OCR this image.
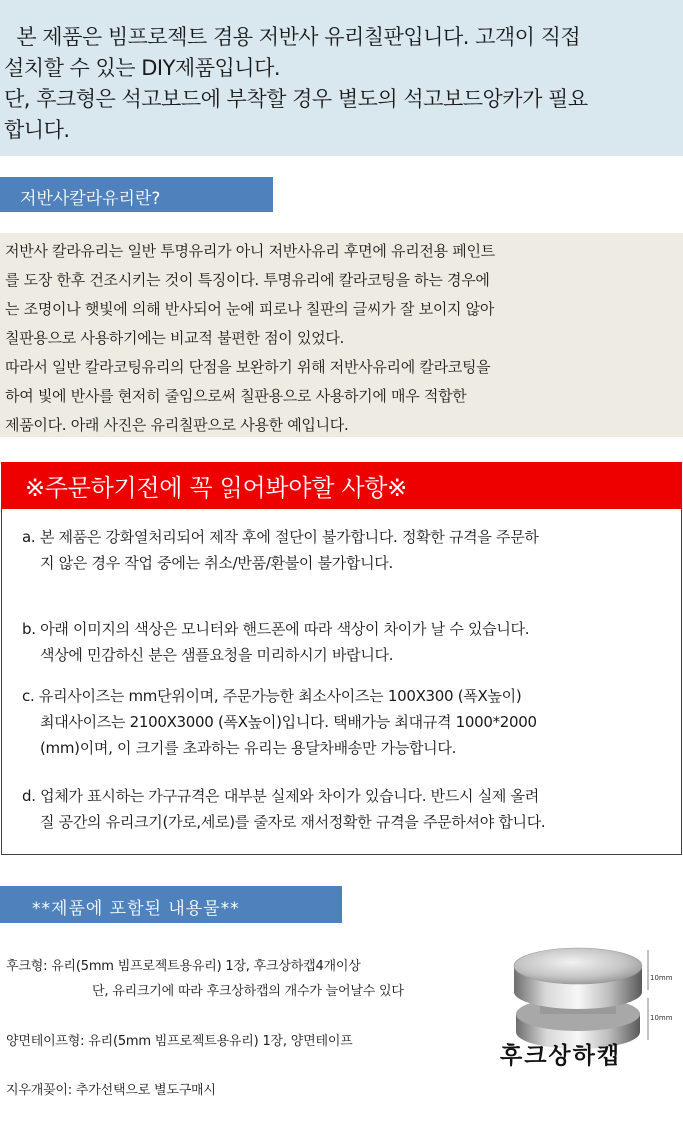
본 제품은 빔프로젝트 겸용 저반사 유리칠판입니다. 고객이 직접

설치할 수 있는 DIY제품입니다.

단, 후크형은 석고보드에 부착할 경우 별도의 석고보드앙카가 필요

합니다.

저반사칼라유리란?

저반사 칼라유리는 일반 투명유리가 아니 저반사유리 후면에 유리전용 페인트

를 도장 한후 건조시키는 것이 특징이다. 투명유리에 칼라코팅을 하는 경우에

는 조명이나 햇빛에 의해 반사되어 눈에 피로나 칠판의 글씨가 잘 보이지 않아

칠판용으로 사용하기에는 비교적 불편한 점이 있었다.

따라서 일반 칼라코팅유리의 단점을 보완하기 위해 저반사유리에 칼라코팅을

하여 빛에 반사를 현저히 줄임으로써 칠판용으로 사용하기에 매우 적합한

제품이다. 아래 사진은 유리칠판으로 사용한 예입니다.

※주문하기전에 꼭 읽어봐야할 사항※
a. 본 제품은 강화열처리되어 제작 후에 절단이 불가합니다. 정확한 규격을 주문하
지 않은 경우 작업 중에는 취소/반품/환불이 불가합니다.
b. 아래 이미지의 색상은 모니터와 핸드폰에 따라 색상이 차이가 날 수 있습니다.
색상에 민감하신 분은 샘플요청을 미리하시기 바랍니다.
c. 유리사이즈는 mm단위이며, 주문가능한 최소사이즈는 100X300 (폭X높이)
최대사이즈는 2100X3000 (폭X높이)입니다. 택배가능 최대규격 1000*2000
(mm)이며, 이 크기를 초과하는 유리는 용달차배송만 가능합니다.
d. 업체가 표시하는 가구규격은 대부분 실제와 차이가 있습니다. 반드시 실제 올려
질 공간의 유리크기(가로,세로)를 줄자로 재서정확한 규격을 주문하셔야 합니다.
**제품에 포함된 내용물**
후크형: 유리(5mm 빔프로젝트용유리) 1장, 후크상하캡4개이상
단, 유리크기에 따라 후크상하캡의 개수가 늘어날수 있다
양면테이프형: 유리(5mm 빔프로젝트용유리) 1장, 양면테이프
지우개꽂이: 추가선택으로 별도구매시
10mm
10mm
후크상하캡
